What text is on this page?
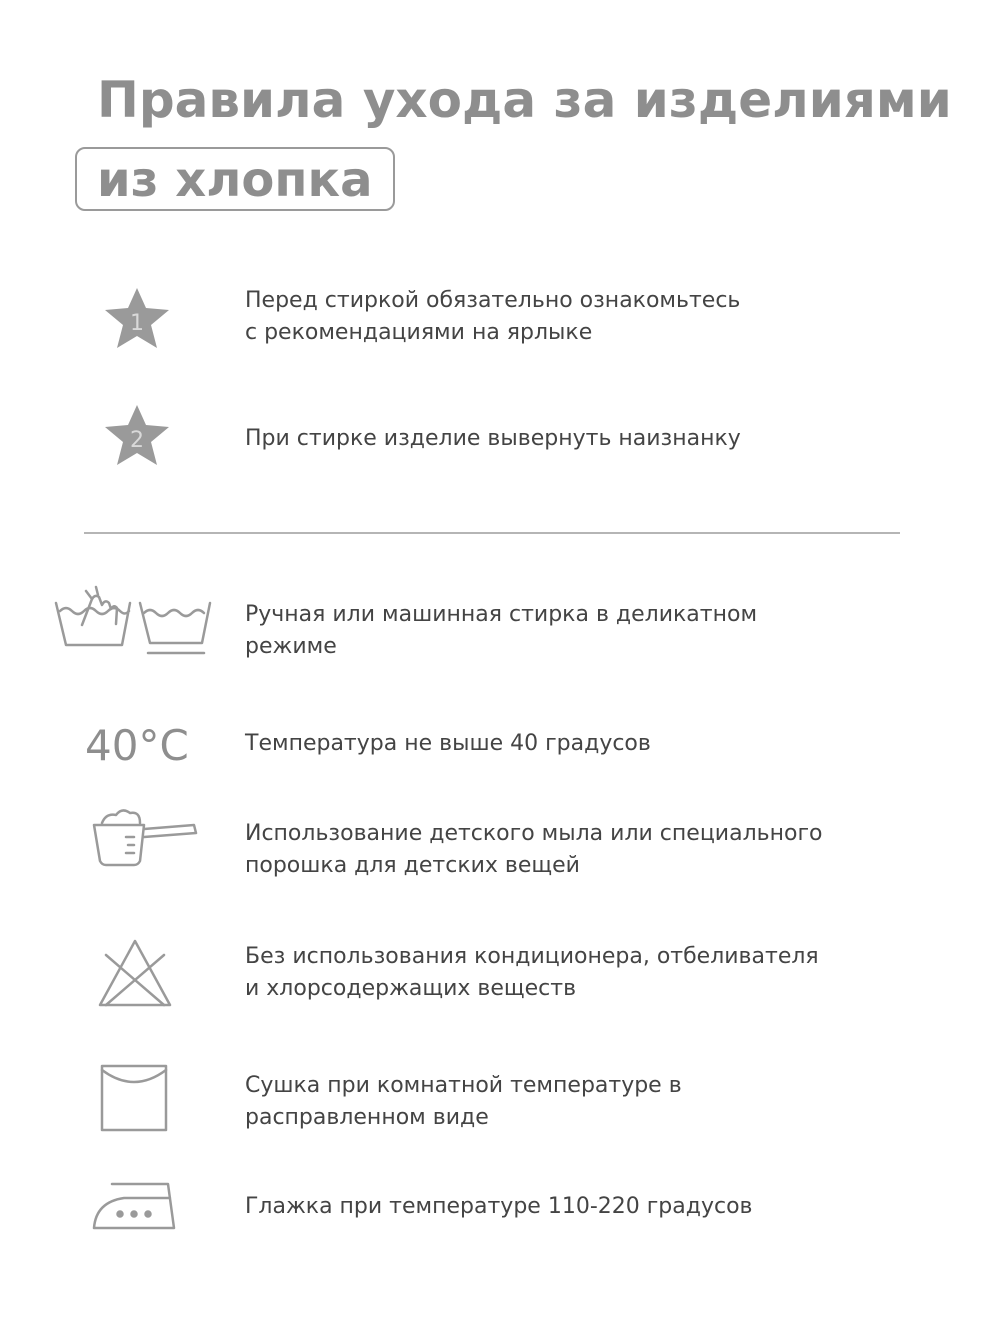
Правила ухода за изделиями
из хлопка
1
Перед стиркой обязательно ознакомьтесь
с рекомендациями на ярлыке
2	При стирке изделие вывернуть наизнанку
Ручная или машинная стирка в деликатном
режиме
40°C	Температура не выше 40 градусов
Использование детского мыла или специального
порошка для детских вещей
Без использования кондиционера, отбеливателя
и хлорсодержащих веществ
Сушка при комнатной температуре в
расправленном виде
Глажка при температуре 110-220 градусов
